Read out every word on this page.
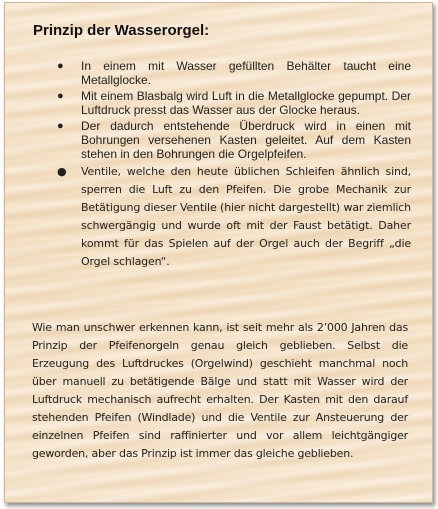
Prinzip der Wasserorgel:
● In einem mit Wasser gefüllten Behälter taucht eine Metallglocke.
● Mit einem Blasbalg wird Luft in die Metallglocke gepumpt. Der Luftdruck presst das Wasser aus der Glocke heraus.
● Der dadurch entstehende Überdruck wird in einen mit Bohrungen versehenen Kasten geleitet. Auf dem Kasten stehen in den Bohrungen die Orgelpfeifen.
● Ventile, welche den heute üblichen Schleifen ähnlich sind, sperren die Luft zu den Pfeifen. Die grobe Mechanik zur Betätigung dieser Ventile (hier nicht dargestellt) war ziemlich schwergängig und wurde oft mit der Faust betätigt. Daher kommt für das Spielen auf der Orgel auch der Begriff „die Orgel schlagen“.

Wie man unschwer erkennen kann, ist seit mehr als 2’000 Jahren das Prinzip der Pfeifenorgeln genau gleich geblieben. Selbst die Erzeugung des Luftdruckes (Orgelwind) geschieht manchmal noch über manuell zu betätigende Bälge und statt mit Wasser wird der Luftdruck mechanisch aufrecht erhalten. Der Kasten mit den darauf stehenden Pfeifen (Windlade) und die Ventile zur Ansteuerung der einzelnen Pfeifen sind raffinierter und vor allem leichtgängiger geworden, aber das Prinzip ist immer das gleiche geblieben.
